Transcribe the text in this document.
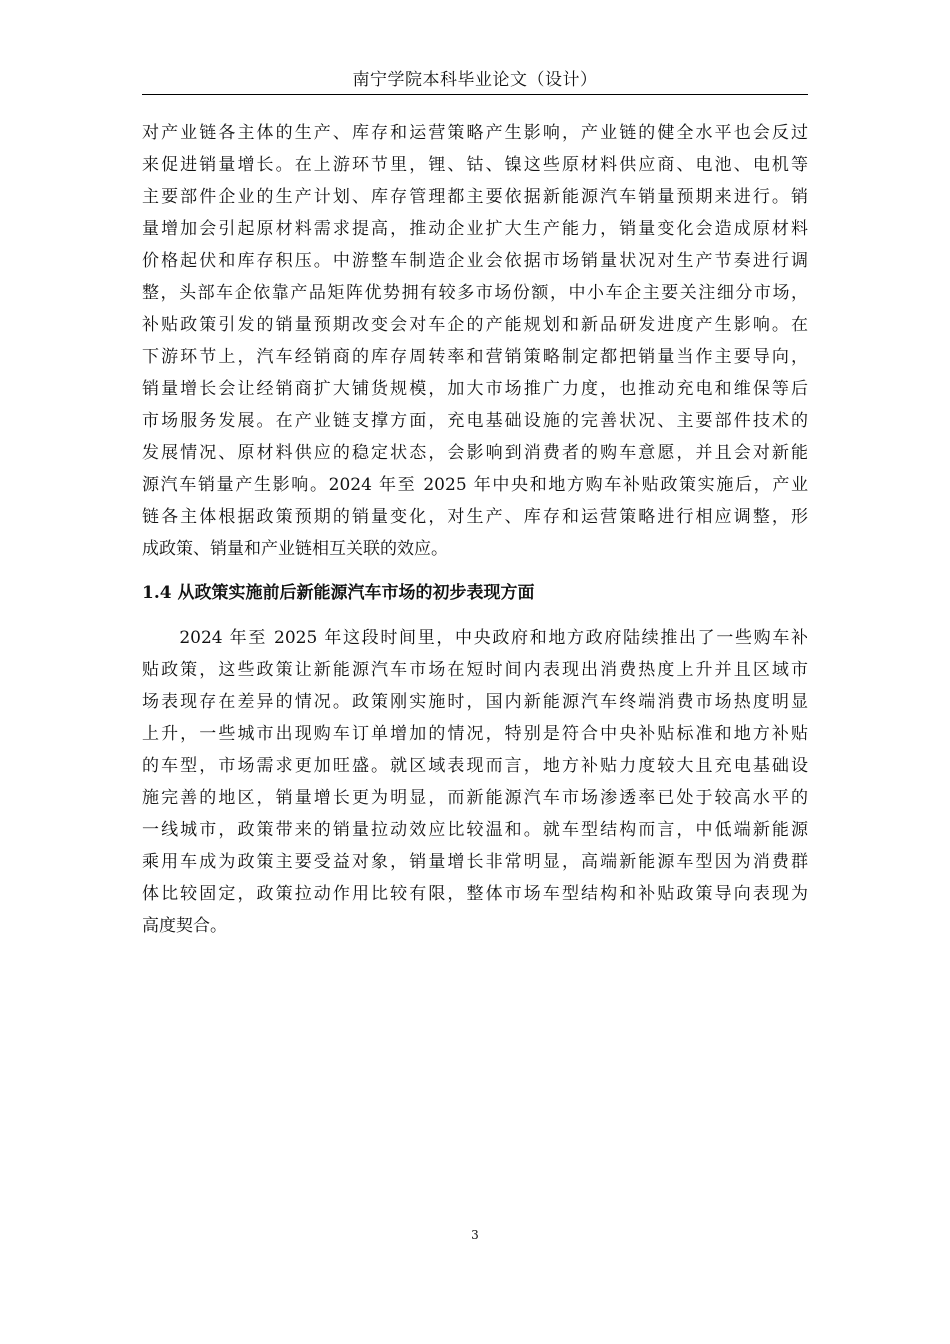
南宁学院本科毕业论文（设计）
对产业链各主体的生产、库存和运营策略产生影响，产业链的健全水平也会反过
来促进销量增长。在上游环节里，锂、钴、镍这些原材料供应商、电池、电机等
主要部件企业的生产计划、库存管理都主要依据新能源汽车销量预期来进行。销
量增加会引起原材料需求提高，推动企业扩大生产能力，销量变化会造成原材料
价格起伏和库存积压。中游整车制造企业会依据市场销量状况对生产节奏进行调
整，头部车企依靠产品矩阵优势拥有较多市场份额，中小车企主要关注细分市场，
补贴政策引发的销量预期改变会对车企的产能规划和新品研发进度产生影响。在
下游环节上，汽车经销商的库存周转率和营销策略制定都把销量当作主要导向，
销量增长会让经销商扩大铺货规模，加大市场推广力度，也推动充电和维保等后
市场服务发展。在产业链支撑方面，充电基础设施的完善状况、主要部件技术的
发展情况、原材料供应的稳定状态，会影响到消费者的购车意愿，并且会对新能
源汽车销量产生影响。2024 年至 2025 年中央和地方购车补贴政策实施后，产业
链各主体根据政策预期的销量变化，对生产、库存和运营策略进行相应调整，形
成政策、销量和产业链相互关联的效应。
1.4 从政策实施前后新能源汽车市场的初步表现方面
　　2024 年至 2025 年这段时间里，中央政府和地方政府陆续推出了一些购车补
贴政策，这些政策让新能源汽车市场在短时间内表现出消费热度上升并且区域市
场表现存在差异的情况。政策刚实施时，国内新能源汽车终端消费市场热度明显
上升，一些城市出现购车订单增加的情况，特别是符合中央补贴标准和地方补贴
的车型，市场需求更加旺盛。就区域表现而言，地方补贴力度较大且充电基础设
施完善的地区，销量增长更为明显，而新能源汽车市场渗透率已处于较高水平的
一线城市，政策带来的销量拉动效应比较温和。就车型结构而言，中低端新能源
乘用车成为政策主要受益对象，销量增长非常明显，高端新能源车型因为消费群
体比较固定，政策拉动作用比较有限，整体市场车型结构和补贴政策导向表现为
高度契合。
3
